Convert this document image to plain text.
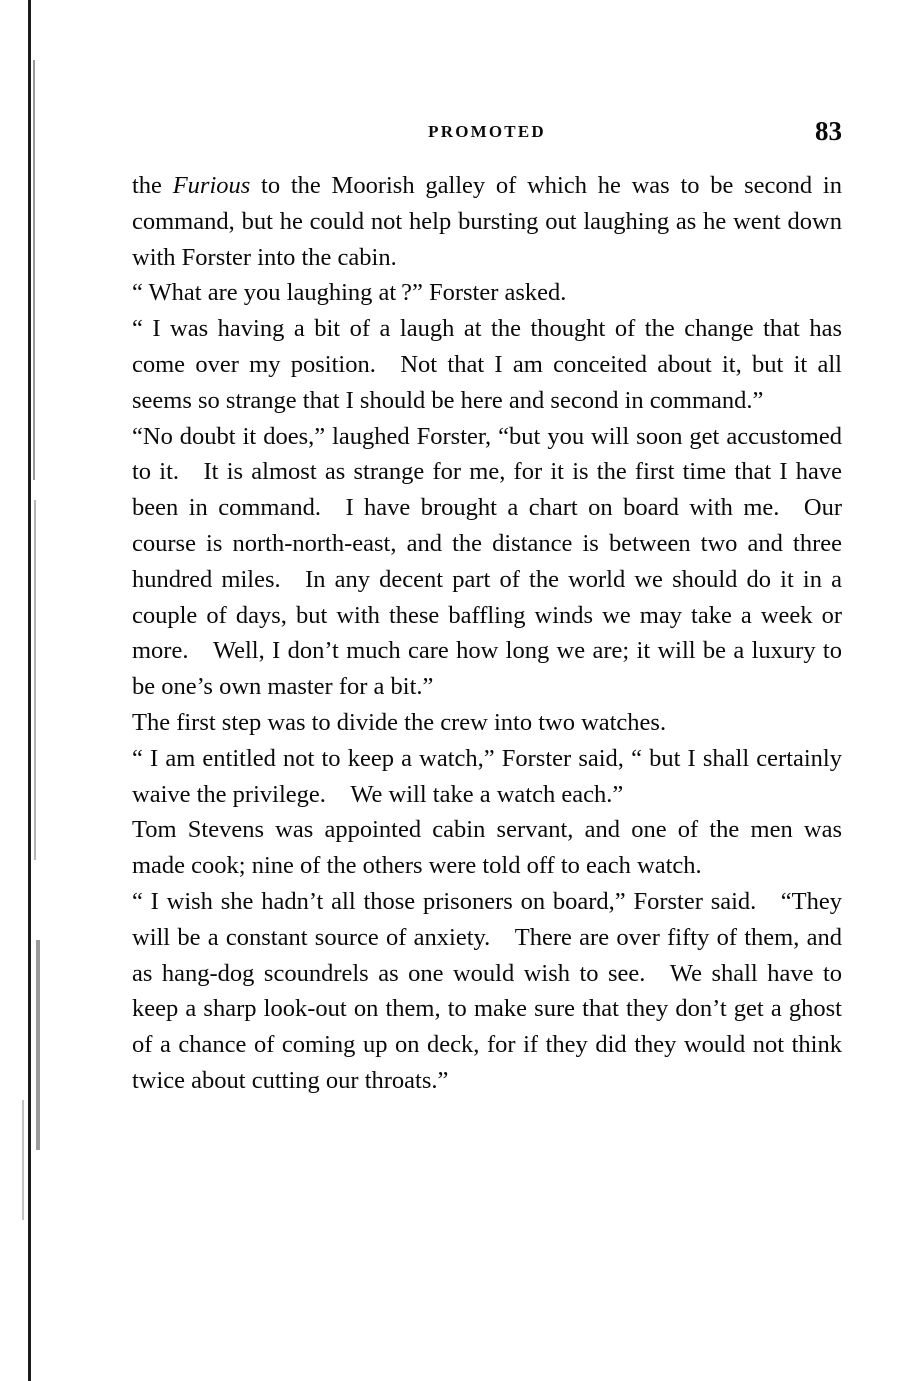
PROMOTED	83

the Furious to the Moorish galley of which he was to be second in command, but he could not help bursting out laughing as he went down with Forster into the cabin.

“ What are you laughing at ?” Forster asked.

“ I was having a bit of a laugh at the thought of the change that has come over my position. Not that I am conceited about it, but it all seems so strange that I should be here and second in command.”

“No doubt it does,” laughed Forster, “but you will soon get accustomed to it. It is almost as strange for me, for it is the first time that I have been in command. I have brought a chart on board with me. Our course is north-north-east, and the distance is between two and three hundred miles. In any decent part of the world we should do it in a couple of days, but with these baffling winds we may take a week or more. Well, I don’t much care how long we are; it will be a luxury to be one’s own master for a bit.”

The first step was to divide the crew into two watches.

“ I am entitled not to keep a watch,” Forster said, “ but I shall certainly waive the privilege. We will take a watch each.”

Tom Stevens was appointed cabin servant, and one of the men was made cook; nine of the others were told off to each watch.

“ I wish she hadn’t all those prisoners on board,” Forster said. “They will be a constant source of anxiety. There are over fifty of them, and as hang-dog scoundrels as one would wish to see. We shall have to keep a sharp look-out on them, to make sure that they don’t get a ghost of a chance of coming up on deck, for if they did they would not think twice about cutting our throats.”
